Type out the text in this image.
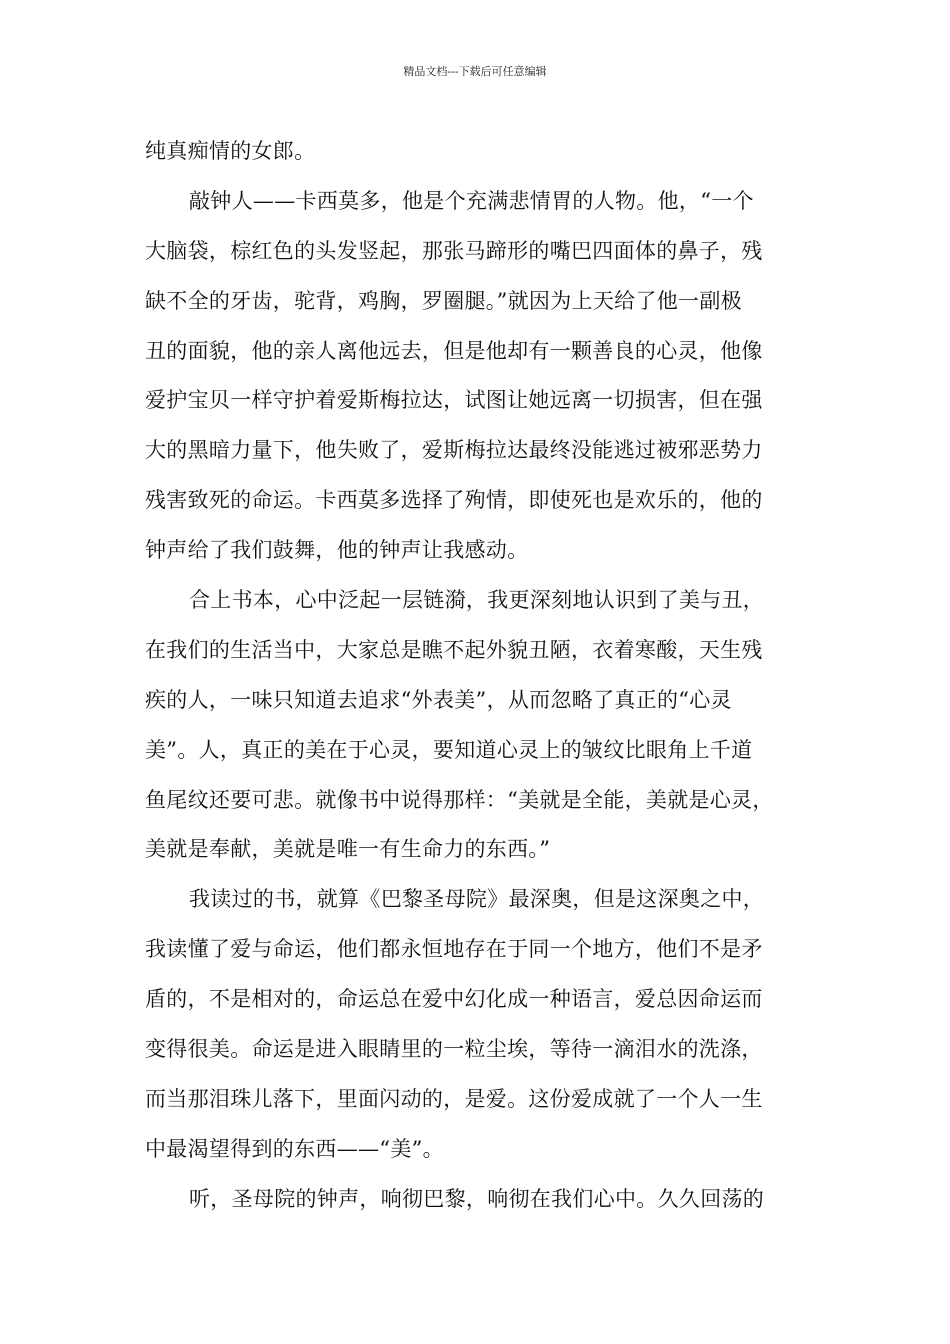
精品文档---下载后可任意编辑
纯真痴情的女郎。
敲钟人——卡西莫多，他是个充满悲情胃的人物。他，“一个
大脑袋，棕红色的头发竖起，那张马蹄形的嘴巴四面体的鼻子，残
缺不全的牙齿，驼背，鸡胸，罗圈腿。”就因为上天给了他一副极
丑的面貌，他的亲人离他远去，但是他却有一颗善良的心灵，他像
爱护宝贝一样守护着爱斯梅拉达，试图让她远离一切损害，但在强
大的黑暗力量下，他失败了，爱斯梅拉达最终没能逃过被邪恶势力
残害致死的命运。卡西莫多选择了殉情，即使死也是欢乐的，他的
钟声给了我们鼓舞，他的钟声让我感动。
合上书本，心中泛起一层链漪，我更深刻地认识到了美与丑，
在我们的生活当中，大家总是瞧不起外貌丑陋，衣着寒酸，天生残
疾的人，一味只知道去追求“外表美”，从而忽略了真正的“心灵
美”。人，真正的美在于心灵，要知道心灵上的皱纹比眼角上千道
鱼尾纹还要可悲。就像书中说得那样：“美就是全能，美就是心灵，
美就是奉献，美就是唯一有生命力的东西。”
我读过的书，就算《巴黎圣母院》最深奥，但是这深奥之中，
我读懂了爱与命运，他们都永恒地存在于同一个地方，他们不是矛
盾的，不是相对的，命运总在爱中幻化成一种语言，爱总因命运而
变得很美。命运是进入眼睛里的一粒尘埃，等待一滴泪水的洗涤，
而当那泪珠儿落下，里面闪动的，是爱。这份爱成就了一个人一生
中最渴望得到的东西——“美”。
听，圣母院的钟声，响彻巴黎，响彻在我们心中。久久回荡的
